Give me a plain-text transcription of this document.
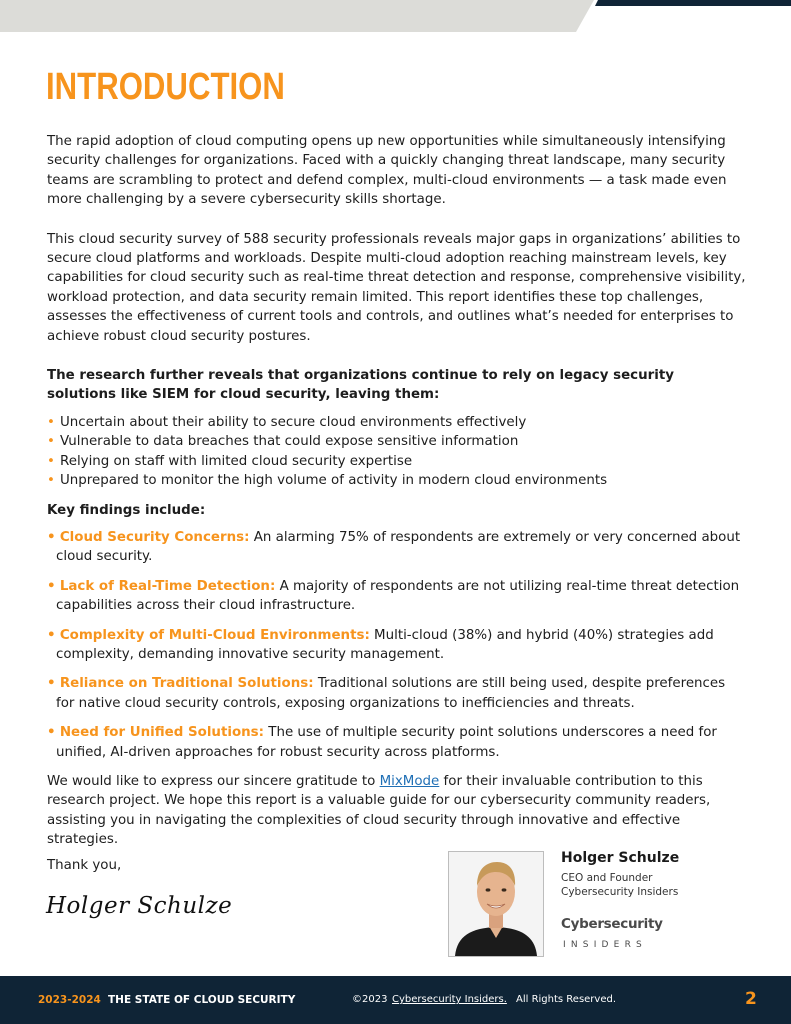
INTRODUCTION

The rapid adoption of cloud computing opens up new opportunities while simultaneously intensifying security challenges for organizations. Faced with a quickly changing threat landscape, many security teams are scrambling to protect and defend complex, multi-cloud environments — a task made even more challenging by a severe cybersecurity skills shortage.

This cloud security survey of 588 security professionals reveals major gaps in organizations’ abilities to secure cloud platforms and workloads. Despite multi-cloud adoption reaching mainstream levels, key capabilities for cloud security such as real-time threat detection and response, comprehensive visibility, workload protection, and data security remain limited. This report identifies these top challenges, assesses the effectiveness of current tools and controls, and outlines what’s needed for enterprises to achieve robust cloud security postures.

The research further reveals that organizations continue to rely on legacy security solutions like SIEM for cloud security, leaving them:

• Uncertain about their ability to secure cloud environments effectively
• Vulnerable to data breaches that could expose sensitive information
• Relying on staff with limited cloud security expertise
• Unprepared to monitor the high volume of activity in modern cloud environments

Key findings include:

• Cloud Security Concerns: An alarming 75% of respondents are extremely or very concerned about cloud security.
• Lack of Real-Time Detection: A majority of respondents are not utilizing real-time threat detection capabilities across their cloud infrastructure.
• Complexity of Multi-Cloud Environments: Multi-cloud (38%) and hybrid (40%) strategies add complexity, demanding innovative security management.
• Reliance on Traditional Solutions: Traditional solutions are still being used, despite preferences for native cloud security controls, exposing organizations to inefficiencies and threats.
• Need for Unified Solutions: The use of multiple security point solutions underscores a need for unified, AI-driven approaches for robust security across platforms.

We would like to express our sincere gratitude to MixMode for their invaluable contribution to this research project. We hope this report is a valuable guide for our cybersecurity community readers, assisting you in navigating the complexities of cloud security through innovative and effective strategies.

Thank you,

Holger Schulze

Holger Schulze

CEO and Founder

Cybersecurity Insiders

Cybersecurity
INSIDERS
2023-2024 THE STATE OF CLOUD SECURITY	©2023 Cybersecurity Insiders. All Rights Reserved.	2
